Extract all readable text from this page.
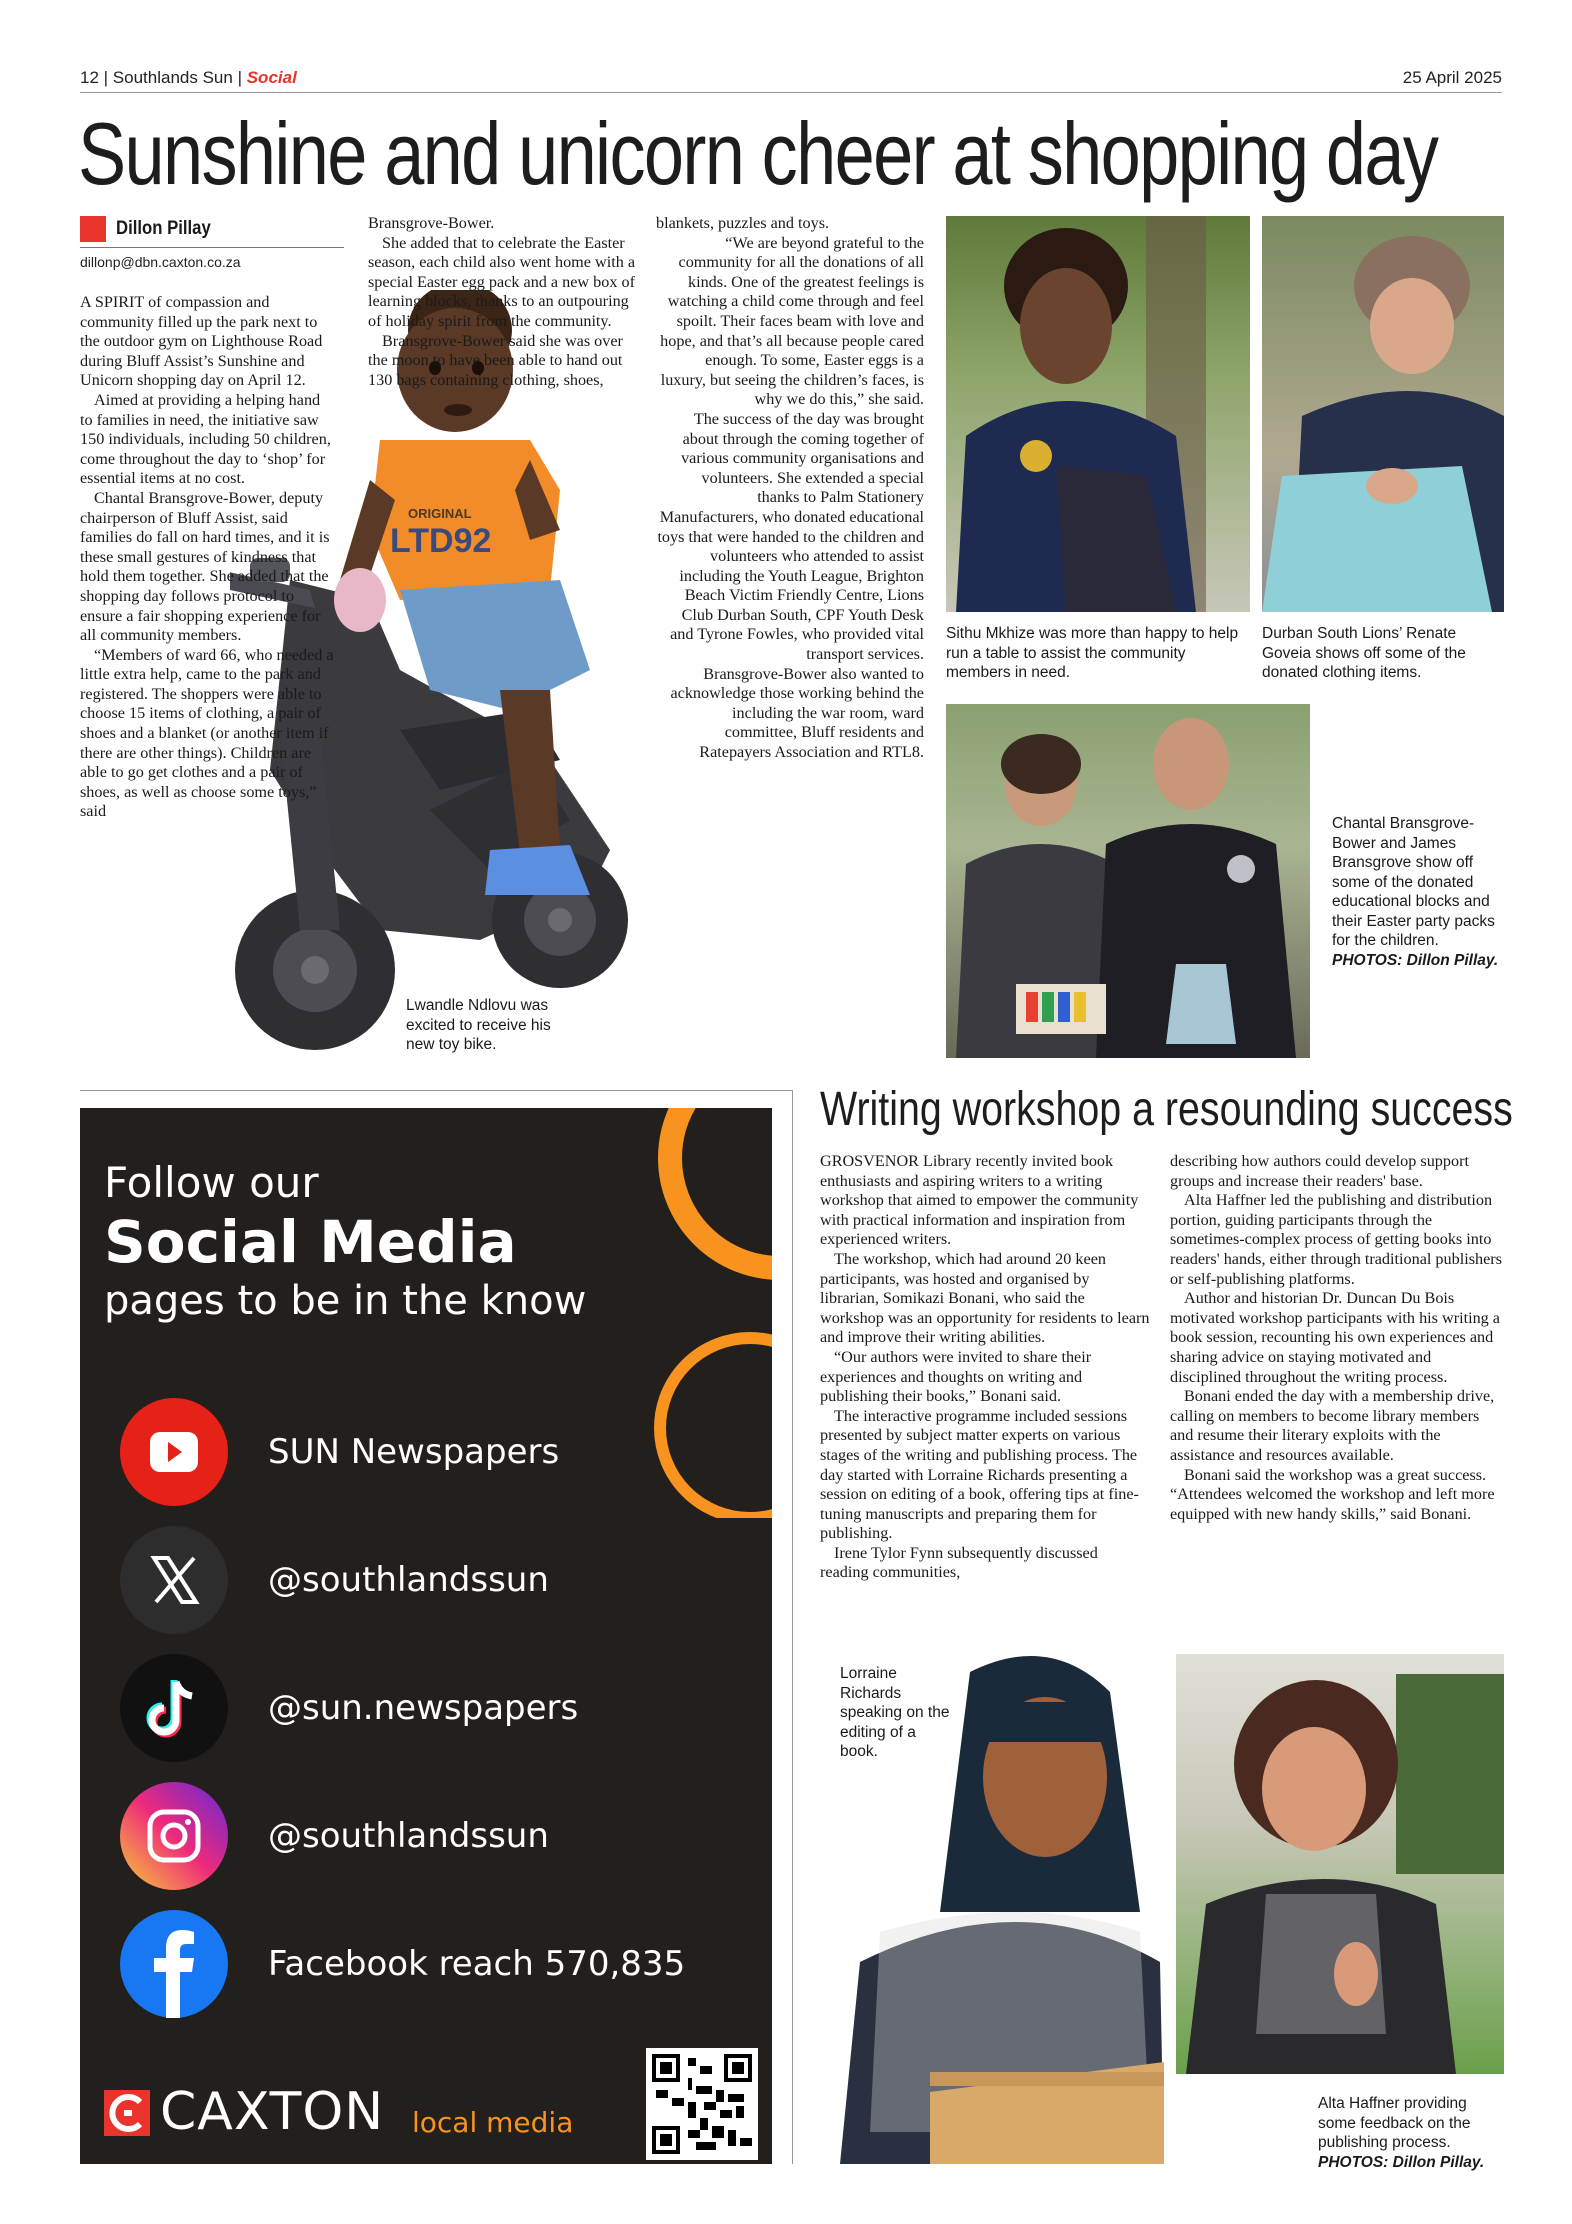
12 | Southlands Sun | Social	25 April 2025
Sunshine and unicorn cheer at shopping day
Dillon Pillay
dillonp@dbn.caxton.co.za
ORIGINAL
LTD92

A SPIRIT of compassion and community filled up the park next to the outdoor gym on Lighthouse Road during Bluff Assist’s Sunshine and Unicorn shopping day on April 12.

Aimed at providing a helping hand to families in need, the initiative saw 150 individuals, including 50 children, come throughout the day to ‘shop’ for essential items at no cost.

Chantal Bransgrove-Bower, deputy chairperson of Bluff Assist, said families do fall on hard times, and it is these small gestures of kindness that hold them together. She added that the shopping day follows protocol to ensure a fair shopping experience for all community members.

“Members of ward 66, who needed a little extra help, came to the park and registered. The shoppers were able to choose 15 items of clothing, a pair of shoes and a blanket (or another item if there are other things). Children are able to go get clothes and a pair of shoes, as well as choose some toys,” said

Bransgrove-Bower.

She added that to celebrate the Easter season, each child also went home with a special Easter egg pack and a new box of learning blocks, thanks to an outpouring of holiday spirit from the community.

Bransgrove-Bower said she was over the moon to have been able to hand out 130 bags containing clothing, shoes,

blankets, puzzles and toys.

“We are beyond grateful to the community for all the donations of all kinds. One of the greatest feelings is watching a child come through and feel spoilt. Their faces beam with love and hope, and that’s all because people cared enough. To some, Easter eggs is a luxury, but seeing the children’s faces, is why we do this,” she said.

The success of the day was brought about through the coming together of various community organisations and volunteers. She extended a special thanks to Palm Stationery Manufacturers, who donated educational toys that were handed to the children and volunteers who attended to assist including the Youth League, Brighton Beach Victim Friendly Centre, Lions Club Durban South, CPF Youth Desk and Tyrone Fowles, who provided vital transport services.

Bransgrove-Bower also wanted to acknowledge those working behind the including the war room, ward committee, Bluff residents and Ratepayers Association and RTL8.

Lwandle Ndlovu was excited to receive his new toy bike.
Sithu Mkhize was more than happy to help run a table to assist the community members in need.
Durban South Lions’ Renate Goveia shows off some of the donated clothing items.
Chantal Bransgrove-Bower and James Bransgrove show off some of the donated educational blocks and their Easter party packs for the children. PHOTOS: Dillon Pillay.
Follow our
Social Media
pages to be in the know
SUN Newspapers
@southlandssun
@sun.newspapers
@southlandssun
Facebook reach 570,835
CAXTON local media
Writing workshop a resounding success

GROSVENOR Library recently invited book enthusiasts and aspiring writers to a writing workshop that aimed to empower the community with practical information and inspiration from experienced writers.

The workshop, which had around 20 keen participants, was hosted and organised by librarian, Somikazi Bonani, who said the workshop was an opportunity for residents to learn and improve their writing abilities.

“Our authors were invited to share their experiences and thoughts on writing and publishing their books,” Bonani said.

The interactive programme included sessions presented by subject matter experts on various stages of the writing and publishing process. The day started with Lorraine Richards presenting a session on editing of a book, offering tips at fine-tuning manuscripts and preparing them for publishing.

Irene Tylor Fynn subsequently discussed reading communities,

describing how authors could develop support groups and increase their readers' base.

Alta Haffner led the publishing and distribution portion, guiding participants through the sometimes-complex process of getting books into readers' hands, either through traditional publishers or self-publishing platforms.

Author and historian Dr. Duncan Du Bois motivated workshop participants with his writing a book session, recounting his own experiences and sharing advice on staying motivated and disciplined throughout the writing process.

Bonani ended the day with a membership drive, calling on members to become library members and resume their literary exploits with the assistance and resources available.

Bonani said the workshop was a great success. “Attendees welcomed the workshop and left more equipped with new handy skills,” said Bonani.

Lorraine Richards speaking on the editing of a book.
Alta Haffner providing some feedback on the publishing process. PHOTOS: Dillon Pillay.
